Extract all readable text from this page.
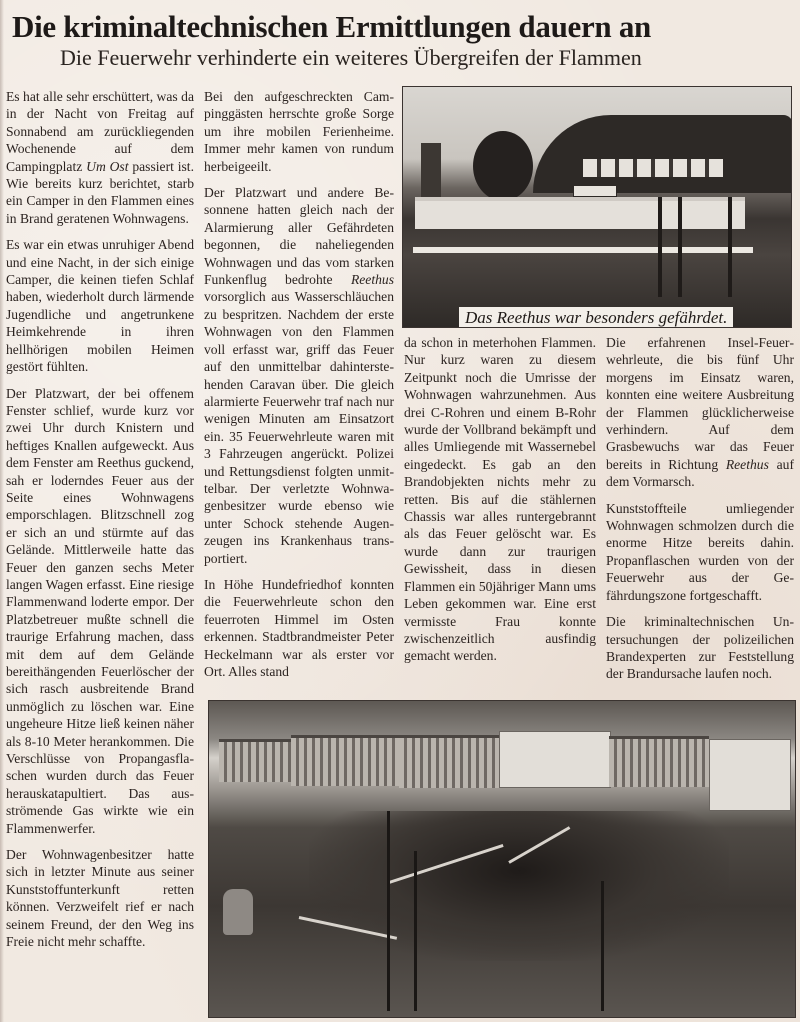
Die kriminaltechnischen Ermittlungen dauern an
Die Feuerwehr verhinderte ein weiteres Übergreifen der Flammen

Es hat alle sehr erschüttert, was da in der Nacht von Freitag auf Sonnabend am zurückliegenden Wochenende auf dem Campingplatz Um Ost passiert ist. Wie bereits kurz berichtet, starb ein Camper in den Flammen eines in Brand geratenen Wohnwagens.

Es war ein etwas unruhiger Abend und eine Nacht, in der sich einige Camper, die keinen tiefen Schlaf haben, wiederholt durch lärmende Jugendliche und angetrunkene Heimkehrende in ihren hellhörigen mobilen Heimen gestört fühlten.

Der Platzwart, der bei offenem Fenster schlief, wurde kurz vor zwei Uhr durch Knistern und heftiges Knallen aufgeweckt. Aus dem Fenster am Reethus guckend, sah er loderndes Feuer aus der Seite eines Wohnwagens emporschlagen. Blitzschnell zog er sich an und stürmte auf das Gelände. Mittlerweile hatte das Feuer den ganzen sechs Meter langen Wagen erfasst. Eine riesige Flammenwand loderte empor. Der Platzbetreuer mußte schnell die traurige Erfahrung machen, dass mit dem auf dem Gelände bereithängenden Feuerlöscher der sich rasch ausbreitende Brand unmöglich zu löschen war. Eine ungeheure Hitze ließ keinen näher als 8-10 Meter herankommen. Die Verschlüsse von Propangasflaschen wurden durch das Feuer herauskatapultiert. Das ausströmende Gas wirkte wie ein Flammenwerfer.

Der Wohnwagenbesitzer hatte sich in letzter Minute aus seiner Kunststoffunterkunft retten können. Verzweifelt rief er nach seinem Freund, der den Weg ins Freie nicht mehr schaffte.

Bei den aufgeschreckten Campinggästen herrschte große Sorge um ihre mobilen Ferienheime. Immer mehr kamen von rundum herbeigeeilt.

Der Platzwart und andere Besonnene hatten gleich nach der Alarmierung aller Gefährdeten begonnen, die naheliegenden Wohnwagen und das vom starken Funkenflug bedrohte Reethus vorsorglich aus Wasserschläuchen zu bespritzen. Nachdem der erste Wohnwagen von den Flammen voll erfasst war, griff das Feuer auf den unmittelbar dahinterstehenden Caravan über. Die gleich alarmierte Feuerwehr traf nach nur wenigen Minuten am Einsatzort ein. 35 Feuerwehrleute waren mit 3 Fahrzeugen angerückt. Polizei und Rettungsdienst folgten unmittelbar. Der verletzte Wohnwagenbesitzer wurde ebenso wie unter Schock stehende Augenzeugen ins Krankenhaus transportiert.

In Höhe Hundefriedhof konnten die Feuerwehrleute schon den feuerroten Himmel im Osten erkennen. Stadtbrandmeister Peter Heckelmann war als erster vor Ort. Alles stand

Das Reethus war besonders gefährdet.

da schon in meterhohen Flammen. Nur kurz waren zu diesem Zeitpunkt noch die Umrisse der Wohnwagen wahrzunehmen. Aus drei C-Rohren und einem B-Rohr wurde der Vollbrand bekämpft und alles Umliegende mit Wassernebel eingedeckt. Es gab an den Brandobjekten nichts mehr zu retten. Bis auf die stählernen Chassis war alles runtergebrannt als das Feuer gelöscht war. Es wurde dann zur traurigen Gewissheit, dass in diesen Flammen ein 50jähriger Mann ums Leben gekommen war. Eine erst vermisste Frau konnte zwischenzeitlich ausfindig gemacht werden.

Die erfahrenen Insel-Feuerwehrleute, die bis fünf Uhr morgens im Einsatz waren, konnten eine weitere Ausbreitung der Flammen glücklicherweise verhindern. Auf dem Grasbewuchs war das Feuer bereits in Richtung Reethus auf dem Vormarsch.

Kunststoffteile umliegender Wohnwagen schmolzen durch die enorme Hitze bereits dahin. Propanflaschen wurden von der Feuerwehr aus der Gefährdungszone fortgeschafft.

Die kriminaltechnischen Untersuchungen der polizeilichen Brandexperten zur Feststellung der Brandursache laufen noch.
